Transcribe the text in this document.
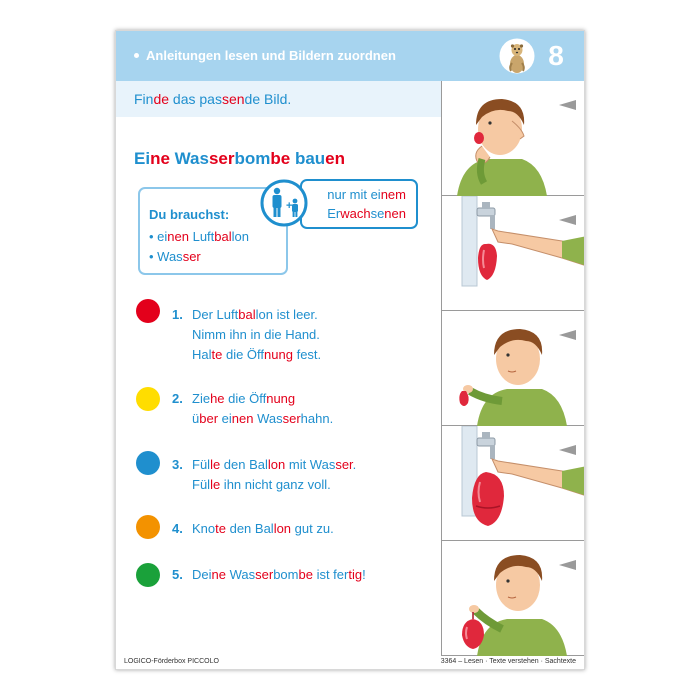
Anleitungen lesen und Bildern zuordnen	8
Finde das passende Bild.
Eine Wasserbombe bauen
Du brauchst:
• einen Luftballon
• Wasser
nur mit einem
Erwachsenen
+
1. Der Luftballon ist leer.
Nimm ihn in die Hand.
Halte die Öffnung fest.
2. Ziehe die Öffnung
über einen Wasserhahn.
3. Fülle den Ballon mit Wasser.
Fülle ihn nicht ganz voll.
4. Knote den Ballon gut zu.
5. Deine Wasserbombe ist fertig!
LOGICO-Förderbox PICCOLO	3364 – Lesen · Texte verstehen · Sachtexte
